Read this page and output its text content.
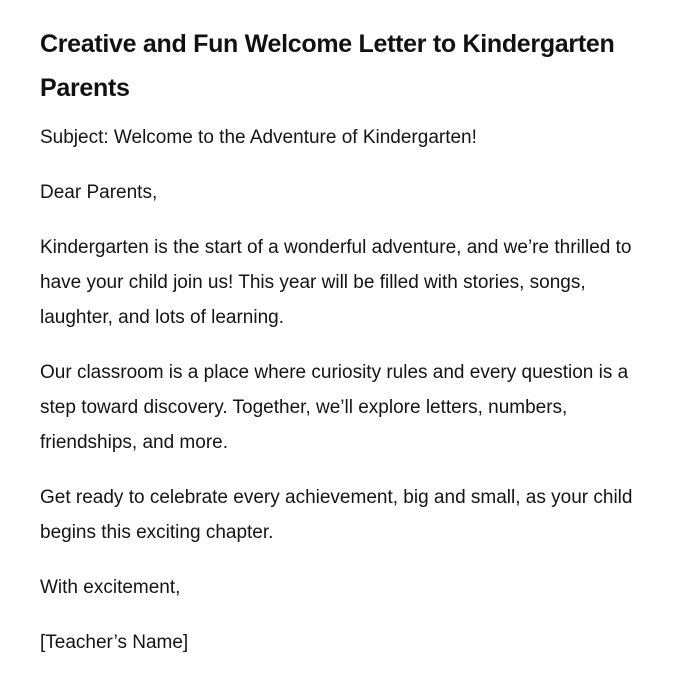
Creative and Fun Welcome Letter to Kindergarten Parents

Subject: Welcome to the Adventure of Kindergarten!

Dear Parents,

Kindergarten is the start of a wonderful adventure, and we’re thrilled to have your child join us! This year will be filled with stories, songs, laughter, and lots of learning.

Our classroom is a place where curiosity rules and every question is a step toward discovery. Together, we’ll explore letters, numbers, friendships, and more.

Get ready to celebrate every achievement, big and small, as your child begins this exciting chapter.

With excitement,

[Teacher’s Name]
